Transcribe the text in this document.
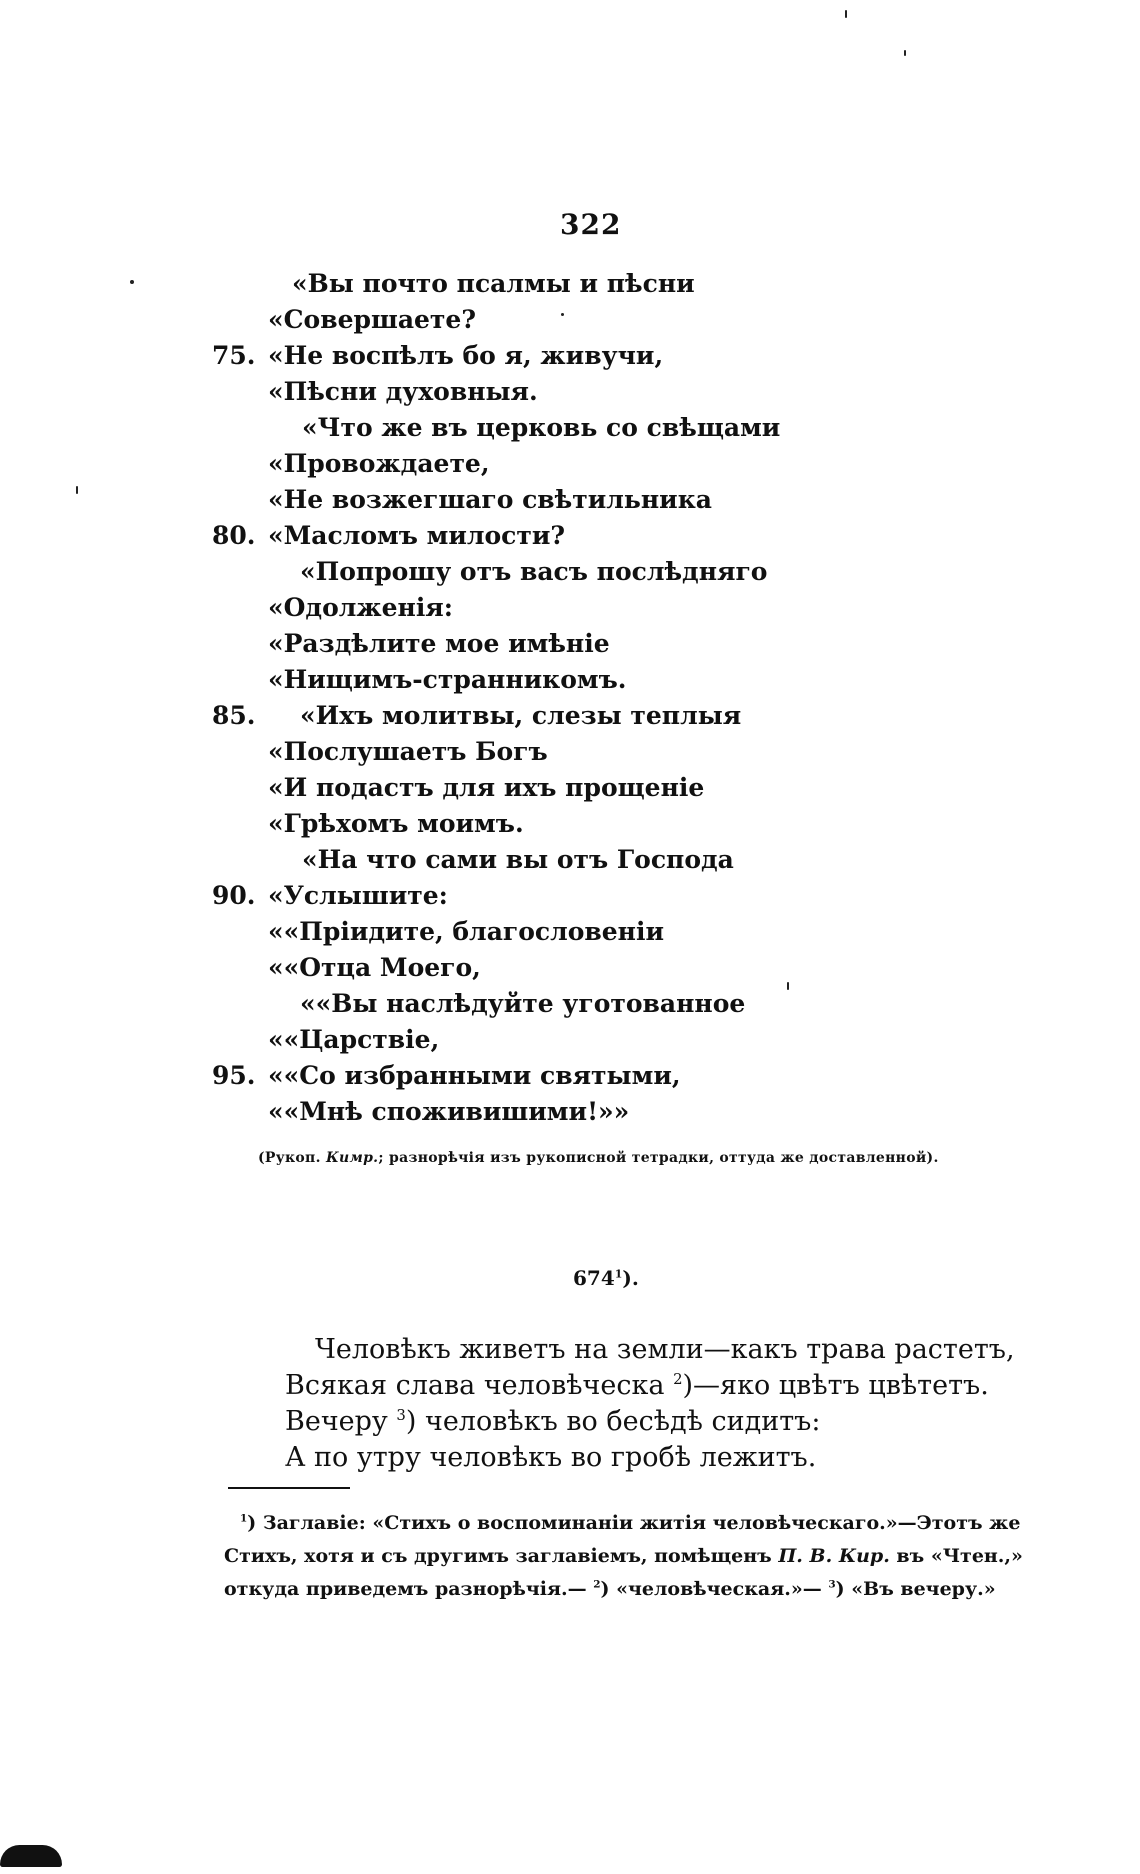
322
«Вы почто псалмы и пѣсни
«Совершаете?
75. «Не воспѣлъ бо я, живучи,
«Пѣсни духовныя.
«Что же въ церковь со свѣщами
«Провождаете,
«Не возжегшаго свѣтильника
80. «Масломъ милости?
«Попрошу отъ васъ послѣдняго
«Одолженія:
«Раздѣлите мое имѣніе
«Нищимъ-странникомъ.
85.	«Ихъ молитвы, слезы теплыя
«Послушаетъ Богъ
«И подастъ для ихъ прощеніе
«Грѣхомъ моимъ.
«На что сами вы отъ Господа
90. «Услышите:
««Пріидите, благословеніи
««Отца Моего,
««Вы наслѣдуйте уготованное
««Царствіе,
95. ««Со избранными святыми,
««Мнѣ споживишими!»»
(Рукоп. Кимр.; разнорѣчія изъ рукописной тетрадки, оттуда же доставленной).
$674^1$).
Человѣкъ живетъ на земли—какъ трава растетъ,
Всякая слава человѣческа $^2$)—яко цвѣтъ цвѣтетъ.
Вечеру $^3$) человѣкъ во бесѣдѣ сидитъ:
А по утру человѣкъ во гробѣ лежитъ.
$^1$) Заглавіе: «Стихъ о воспоминаніи житія человѣческаго.»—Этотъ же
Стихъ, хотя и съ другимъ заглавіемъ, помѣщенъ П. В. Кир. въ «Чтен.,»
откуда приведемъ разнорѣчія.— $^2$) «человѣческая.»— $^3$) «Въ вечеру.»
